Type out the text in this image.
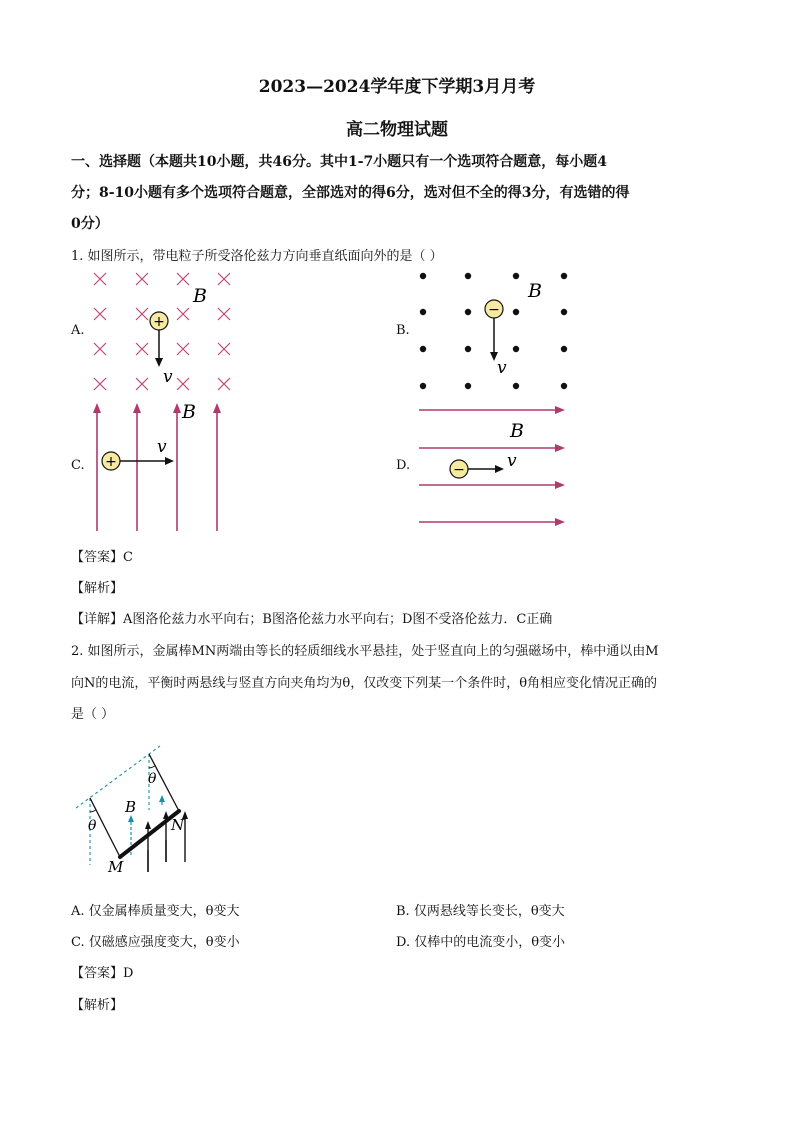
2023—2024学年度下学期3月月考
高二物理试题
一、选择题（本题共10小题，共46分。其中1-7小题只有一个选项符合题意，每小题4
分；8-10小题有多个选项符合题意，全部选对的得6分，选对但不全的得3分，有选错的得
0分）
1. 如图所示，带电粒子所受洛伦兹力方向垂直纸面向外的是（ ）
A.	B.
C.	D.
+
B
v
−
B
v
+
B
v
−
B
v
【答案】C
【解析】
【详解】A图洛伦兹力水平向右；B图洛伦兹力水平向右；D图不受洛伦兹力．C正确
2. 如图所示，金属棒MN两端由等长的轻质细线水平悬挂，处于竖直向上的匀强磁场中，棒中通以由M
向N的电流，平衡时两悬线与竖直方向夹角均为θ，仅改变下列某一个条件时，θ角相应变化情况正确的
是（ ）
B
M
N
θ
θ
A. 仅金属棒质量变大，θ变大	B. 仅两悬线等长变长，θ变大
C. 仅磁感应强度变大，θ变小	D. 仅棒中的电流变小，θ变小
【答案】D
【解析】
